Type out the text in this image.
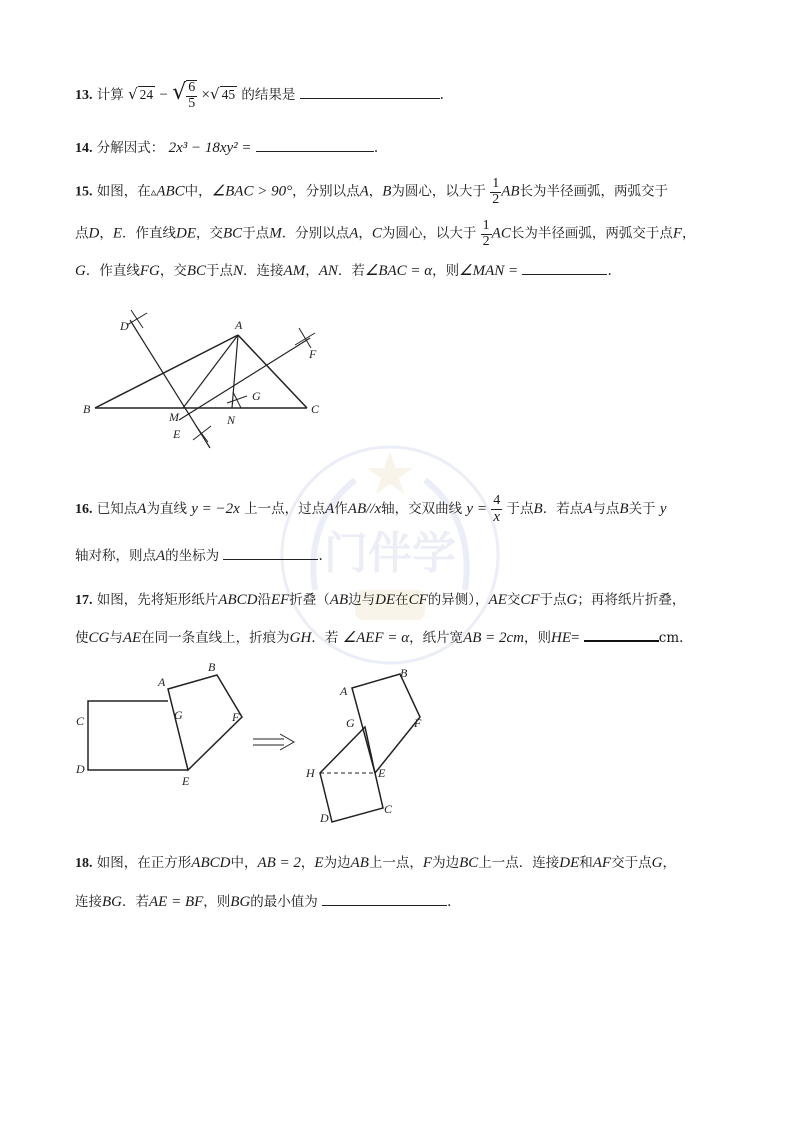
门伴学
13. 计算 √ 24 − √ $\frac{6}{5}$ ×√ 45 的结果是	.
14. 分解因式： 2x³ − 18xy² =	.
15. 如图，在▵ABC中，∠BAC > 90°，分别以点A，B为圆心，以大于 $\frac{1}{2}$ AB长为半径画弧，两弧交于
点D，E．作直线DE，交BC于点M．分别以点A，C为圆心，以大于 $\frac{1}{2}$ AC长为半径画弧，两弧交于点F，
G．作直线FG，交BC于点N．连接AM，AN．若∠BAC = α，则∠MAN =	.
D	A
F
B	C
G
M	N
E
16. 已知点A为直线 y = −2x 上一点，过点A作AB//x轴，交双曲线 $y = \frac{4}{x}$ 于点B．若点A与点B关于 y
轴对称，则点A的坐标为	.
17. 如图，先将矩形纸片ABCD沿EF折叠（AB边与DE在CF的异侧），AE交CF于点G；再将纸片折叠，
使CG与AE在同一条直线上，折痕为GH．若 ∠AEF = α，纸片宽AB = 2cm，则HE=	cm.
A
B
C	G	F
D
E
A
B
G	F
H	E
C
D
18. 如图，在正方形ABCD中，AB = 2，E为边AB上一点，F为边BC上一点．连接DE和AF交于点G，
连接BG．若AE = BF，则BG的最小值为	.
